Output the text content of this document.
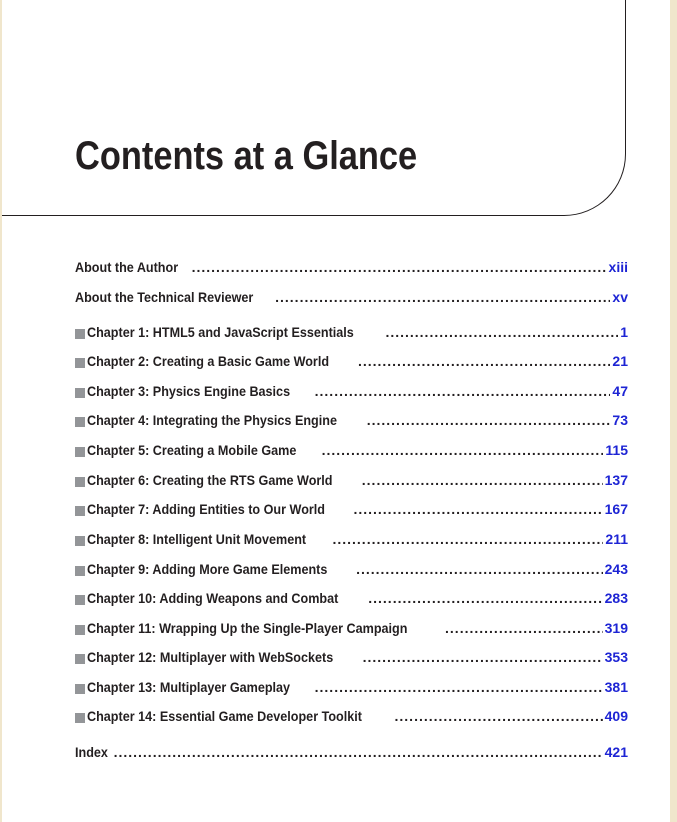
Contents at a Glance
About the Author .....	xiii
About the Technical Reviewer .....	xv
Chapter 1: HTML5 and JavaScript Essentials .....	1
Chapter 2: Creating a Basic Game World .....	21
Chapter 3: Physics Engine Basics .....	47
Chapter 4: Integrating the Physics Engine .....	73
Chapter 5: Creating a Mobile Game .....	115
Chapter 6: Creating the RTS Game World .....	137
Chapter 7: Adding Entities to Our World .....	167
Chapter 8: Intelligent Unit Movement .....	211
Chapter 9: Adding More Game Elements .....	243
Chapter 10: Adding Weapons and Combat .....	283
Chapter 11: Wrapping Up the Single-Player Campaign .....	319
Chapter 12: Multiplayer with WebSockets .....	353
Chapter 13: Multiplayer Gameplay .....	381
Chapter 14: Essential Game Developer Toolkit .....	409
Index .....	421
